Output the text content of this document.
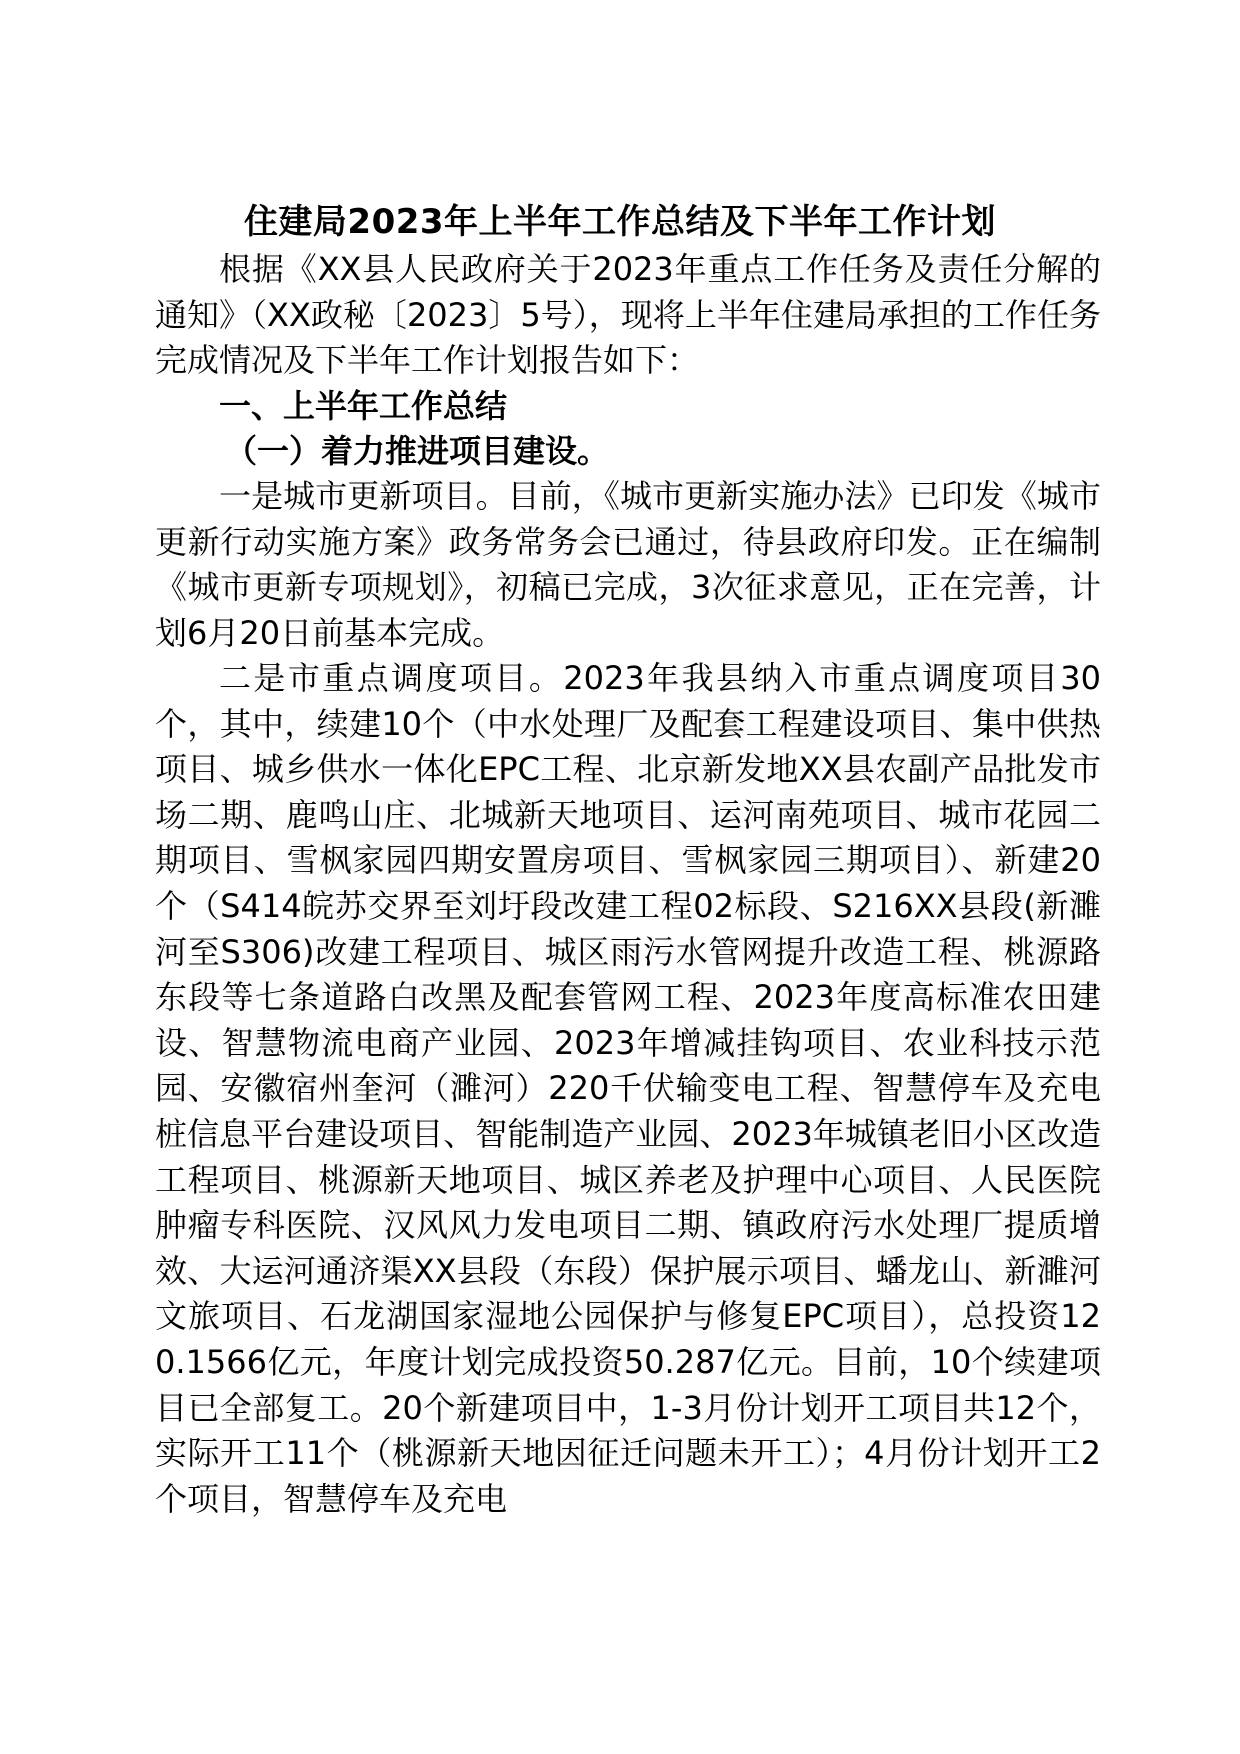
住建局2023年上半年工作总结及下半年工作计划

根据《XX县人民政府关于2023年重点工作任务及责任分解的通知》（XX政秘〔2023〕5号），现将上半年住建局承担的工作任务完成情况及下半年工作计划报告如下：

一、上半年工作总结
（一）着力推进项目建设。

一是城市更新项目。目前，《城市更新实施办法》已印发《城市更新行动实施方案》政务常务会已通过，待县政府印发。正在编制《城市更新专项规划》，初稿已完成，3次征求意见，正在完善，计划6月20日前基本完成。

二是市重点调度项目。2023年我县纳入市重点调度项目30个，其中，续建10个（中水处理厂及配套工程建设项目、集中供热项目、城乡供水一体化EPC工程、北京新发地XX县农副产品批发市场二期、鹿鸣山庄、北城新天地项目、运河南苑项目、城市花园二期项目、雪枫家园四期安置房项目、雪枫家园三期项目）、新建20个（S414皖苏交界至刘圩段改建工程02标段、S216XX县段(新濉河至S306)改建工程项目、城区雨污水管网提升改造工程、桃源路东段等七条道路白改黑及配套管网工程、2023年度高标准农田建设、智慧物流电商产业园、2023年增减挂钩项目、农业科技示范园、安徽宿州奎河（濉河）220千伏输变电工程、智慧停车及充电桩信息平台建设项目、智能制造产业园、2023年城镇老旧小区改造工程项目、桃源新天地项目、城区养老及护理中心项目、人民医院肿瘤专科医院、汉风风力发电项目二期、镇政府污水处理厂提质增效、大运河通济渠XX县段（东段）保护展示项目、蟠龙山、新濉河文旅项目、石龙湖国家湿地公园保护与修复EPC项目），总投资120.1566亿元，年度计划完成投资50.287亿元。目前，10个续建项目已全部复工。20个新建项目中，1-3月份计划开工项目共12个，实际开工11个（桃源新天地因征迁问题未开工）；4月份计划开工2个项目，智慧停车及充电
